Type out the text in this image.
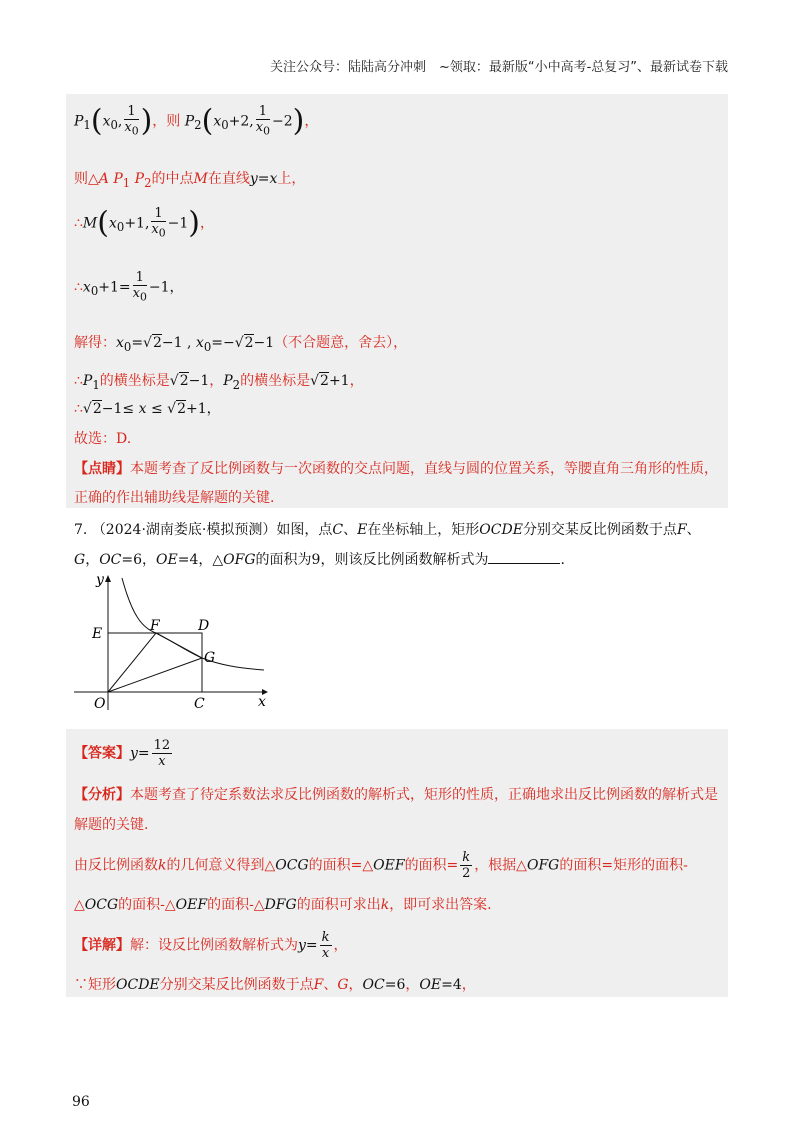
关注公众号：陆陆高分冲刺　~领取：最新版“小中高考-总复习”、最新试卷下载
$P_1(x_0$, $\frac{1}{x_0}$ )，则 $P_2(x_0+2$, $\frac{1}{x_0} -2$)，
则△A $P_1$ $P_2$的中点M在直线y=x上，
$\therefore M(x_0+1$, $\frac{1}{x_0} -1$)，
$\therefore x_0+1= \frac{1}{x_0} -1$，
解得：$x_0=√2-1$ , $x_0=-√2-1$（不合题意，舍去），
$\therefore P_1$的横坐标是√2−1，$P_2$的横坐标是√2+1，
∴√2−1≤ x ≤ √2+1，
故选：D.
【点睛】本题考查了反比例函数与一次函数的交点问题，直线与圆的位置关系，等腰直角三角形的性质，
正确的作出辅助线是解题的关键.
7. （2024·湖南娄底·模拟预测）如图，点C、E在坐标轴上，矩形OCDE分别交某反比例函数于点F、
G，OC=6，OE=4，△OFG的面积为9，则该反比例函数解析式为	.
y
x
O	C
E	F	D
G
【答案】$y= \frac{12}{x}$
【分析】本题考查了待定系数法求反比例函数的解析式，矩形的性质，正确地求出反比例函数的解析式是
解题的关键.
由反比例函数k的几何意义得到△OCG的面积=△OEF的面积= $\frac{k}{2}$ ，根据△OFG的面积=矩形的面积-
△OCG的面积-△OEF的面积-△DFG的面积可求出k，即可求出答案.
【详解】解：设反比例函数解析式为$y= \frac{k}{x}$ ，
∵矩形OCDE分别交某反比例函数于点F、G，OC=6，OE=4，
96
